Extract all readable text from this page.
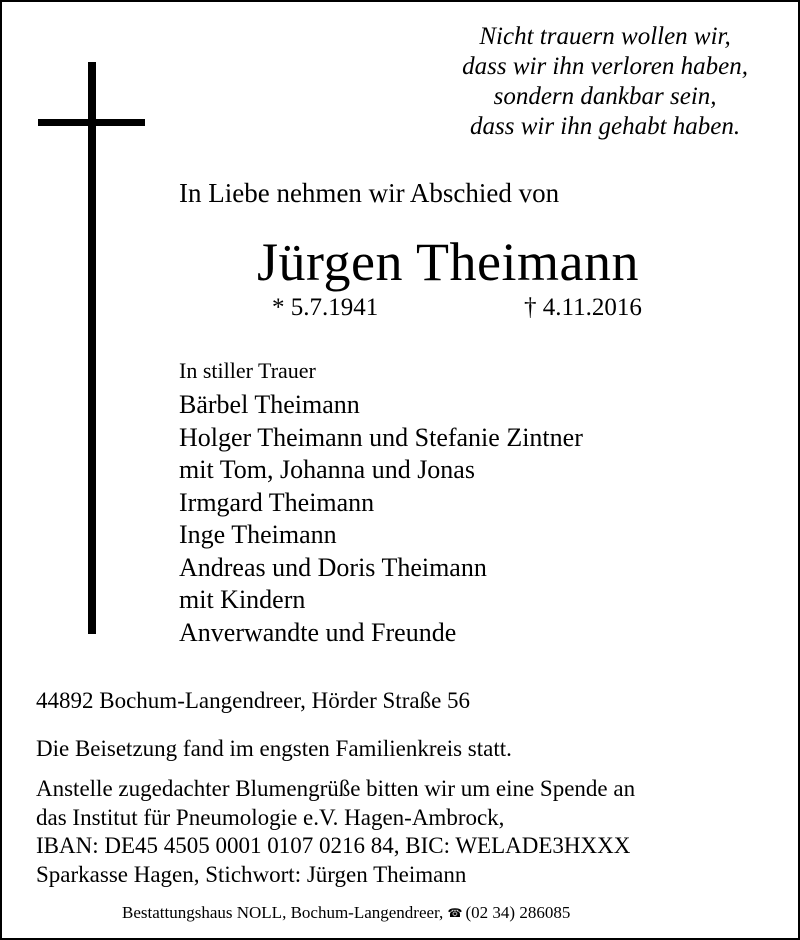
Nicht trauern wollen wir,
dass wir ihn verloren haben,
sondern dankbar sein,
dass wir ihn gehabt haben.
In Liebe nehmen wir Abschied von
Jürgen Theimann
* 5.7.1941	† 4.11.2016
In stiller Trauer
Bärbel Theimann
Holger Theimann und Stefanie Zintner
mit Tom, Johanna und Jonas
Irmgard Theimann
Inge Theimann
Andreas und Doris Theimann
mit Kindern
Anverwandte und Freunde
44892 Bochum-Langendreer, Hörder Straße 56
Die Beisetzung fand im engsten Familienkreis statt.
Anstelle zugedachter Blumengrüße bitten wir um eine Spende an
das Institut für Pneumologie e.V. Hagen-Ambrock,
IBAN: DE45 4505 0001 0107 0216 84, BIC: WELADE3HXXX
Sparkasse Hagen, Stichwort: Jürgen Theimann
Bestattungshaus NOLL, Bochum-Langendreer, ☎ (02 34) 286085
